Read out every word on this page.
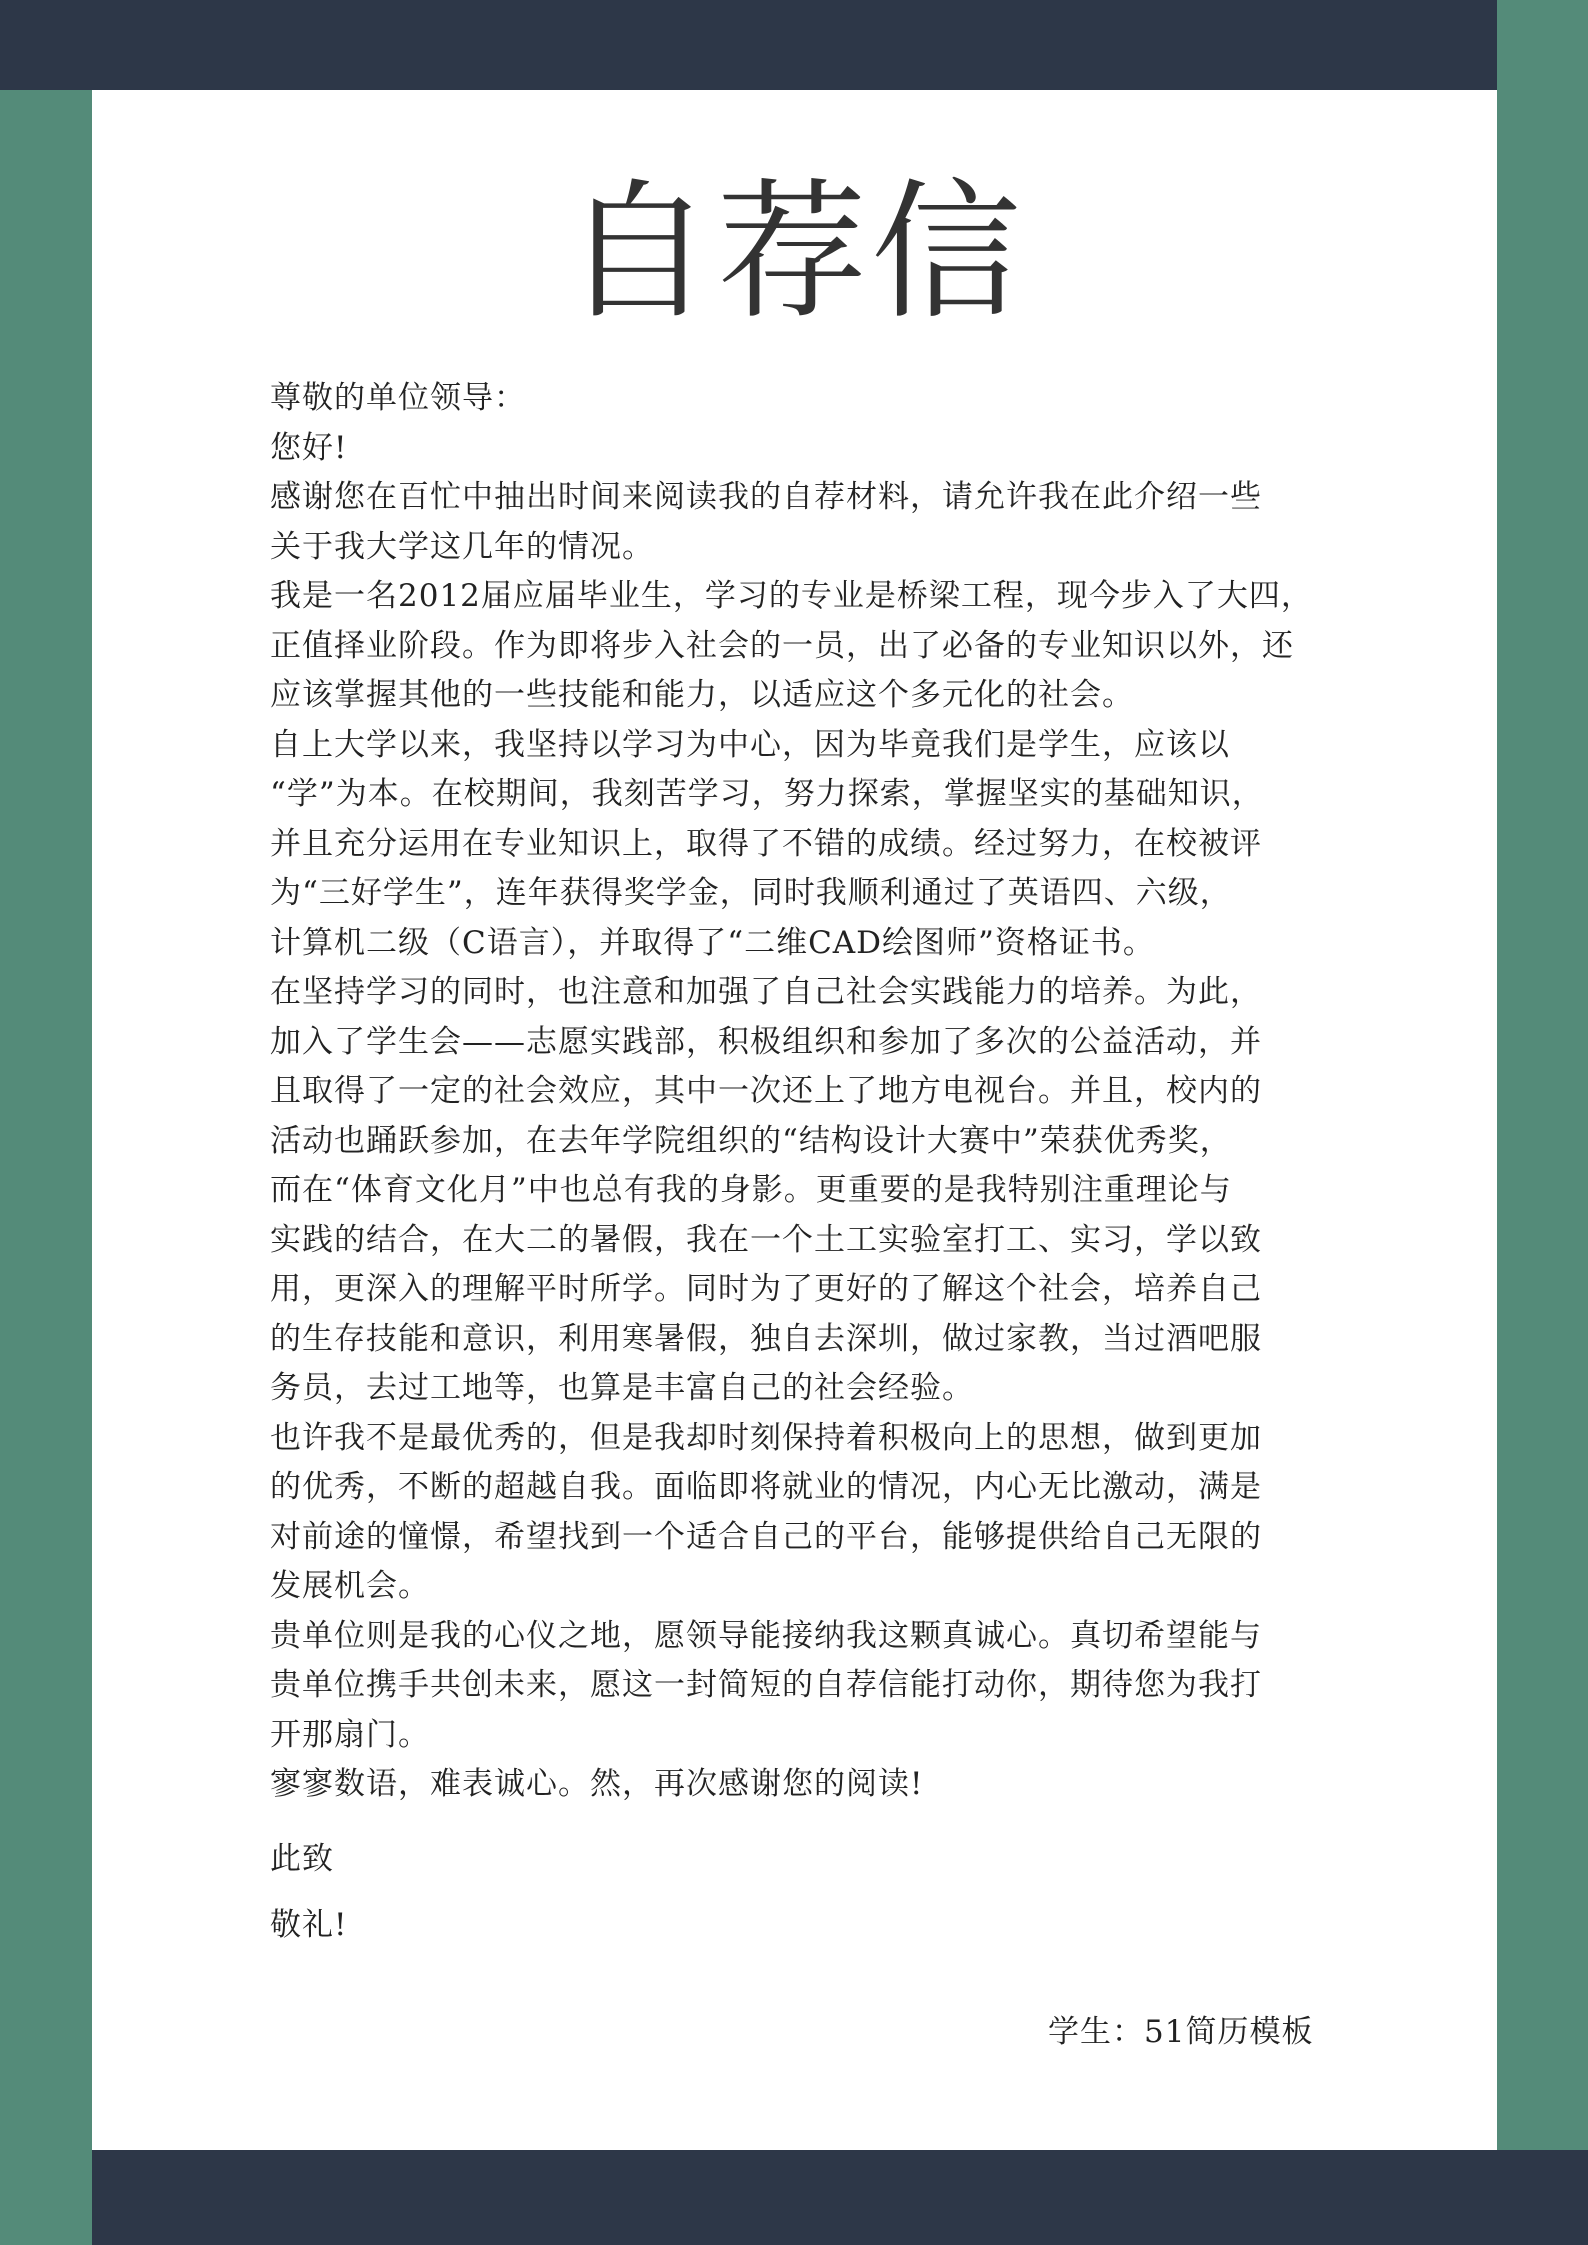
自荐信

尊敬的单位领导：

您好!

感谢您在百忙中抽出时间来阅读我的自荐材料，请允许我在此介绍一些

关于我大学这几年的情况。

我是一名2012届应届毕业生，学习的专业是桥梁工程，现今步入了大四，

正值择业阶段。作为即将步入社会的一员，出了必备的专业知识以外，还

应该掌握其他的一些技能和能力，以适应这个多元化的社会。

自上大学以来，我坚持以学习为中心，因为毕竟我们是学生，应该以

“学”为本。在校期间，我刻苦学习，努力探索，掌握坚实的基础知识，

并且充分运用在专业知识上，取得了不错的成绩。经过努力，在校被评

为“三好学生”，连年获得奖学金，同时我顺利通过了英语四、六级，

计算机二级（C语言），并取得了“二维CAD绘图师”资格证书。

在坚持学习的同时，也注意和加强了自己社会实践能力的培养。为此，

加入了学生会——志愿实践部，积极组织和参加了多次的公益活动，并

且取得了一定的社会效应，其中一次还上了地方电视台。并且，校内的

活动也踊跃参加，在去年学院组织的“结构设计大赛中”荣获优秀奖，

而在“体育文化月”中也总有我的身影。更重要的是我特别注重理论与

实践的结合，在大二的暑假，我在一个土工实验室打工、实习，学以致

用，更深入的理解平时所学。同时为了更好的了解这个社会，培养自己

的生存技能和意识，利用寒暑假，独自去深圳，做过家教，当过酒吧服

务员，去过工地等，也算是丰富自己的社会经验。

也许我不是最优秀的，但是我却时刻保持着积极向上的思想，做到更加

的优秀，不断的超越自我。面临即将就业的情况，内心无比激动，满是

对前途的憧憬，希望找到一个适合自己的平台，能够提供给自己无限的

发展机会。

贵单位则是我的心仪之地，愿领导能接纳我这颗真诚心。真切希望能与

贵单位携手共创未来，愿这一封简短的自荐信能打动你，期待您为我打

开那扇门。

寥寥数语，难表诚心。然，再次感谢您的阅读!

此致

敬礼!

学生：51简历模板
